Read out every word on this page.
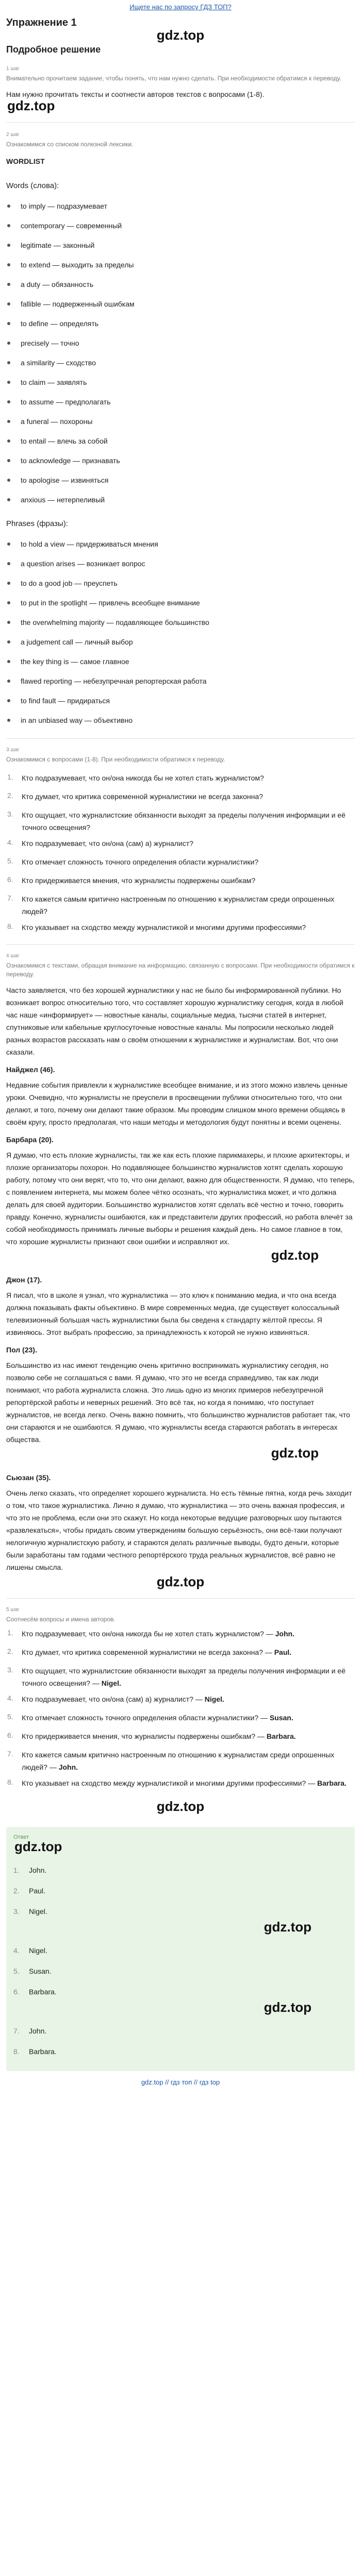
Ищете нас по запросу ГДЗ ТОП?
Упражнение 1
gdz.top
Подробное решение
1 шаг
Внимательно прочитаем задание, чтобы понять, что нам нужно сделать. При необходимости обратимся к переводу.
Нам нужно прочитать тексты и соотнести авторов текстов с вопросами (1-8).
gdz.top
2 шаг
Ознакомимся со списком полезной лексики.
WORDLIST
Words (слова):
to imply — подразумевает
contemporary — современный
legitimate — законный
to extend — выходить за пределы
a duty — обязанность
fallible — подверженный ошибкам
to define — определять
precisely — точно
a similarity — сходство
to claim — заявлять
to assume — предполагать
a funeral — похороны
to entail — влечь за собой
to acknowledge — признавать
to apologise — извиняться
anxious — нетерпеливый
Phrases (фразы):
to hold a view — придерживаться мнения
a question arises — возникает вопрос
to do a good job — преуспеть
to put in the spotlight — привлечь всеобщее внимание
the overwhelming majority — подавляющее большинство
a judgement call — личный выбор
the key thing is — самое главное
flawed reporting — небезупречная репортерская работа
to find fault — придираться
in an unbiased way — объективно
3 шаг
Ознакомимся с вопросами (1-8). При необходимости обратимся к переводу.
1.	Кто подразумевает, что он/она никогда бы не хотел стать журналистом?
2.	Кто думает, что критика современной журналистики не всегда законна?
3.	Кто ощущает, что журналистские обязанности выходят за пределы получения информации и её точного освещения?
4.	Кто подразумевает, что он/она (сам) а) журналист?
5.	Кто отмечает сложность точного определения области журналистики?
6.	Кто придерживается мнения, что журналисты подвержены ошибкам?
7.	Кто кажется самым критично настроенным по отношению к журналистам среди опрошенных людей?
8.	Кто указывает на сходство между журналистикой и многими другими профессиями?
4 шаг
Ознакомимся с текстами, обращая внимание на информацию, связанную с вопросами. При необходимости обратимся к переводу.

Часто заявляется, что без хорошей журналистики у нас не было бы информированной публики. Но возникает вопрос относительно того, что составляет хорошую журналистику сегодня, когда в любой час наше «информирует» — новостные каналы, социальные медиа, тысячи статей в интернет, спутниковые или кабельные круглосуточные новостные каналы. Мы попросили несколько людей разных возрастов рассказать нам о своём отношении к журналистике и журналистам. Вот, что они сказали.

Найджел (46).

Недавние события привлекли к журналистике всеобщее внимание, и из этого можно извлечь ценные уроки. Очевидно, что журналисты не преуспели в просвещении публики относительно того, что они делают, и того, почему они делают такие образом. Мы проводим слишком много времени общаясь в своём кругу, просто предполагая, что наши методы и методология будут понятны и всеми оценены.

Барбара (20).

Я думаю, что есть плохие журналисты, так же как есть плохие парикмахеры, и плохие архитекторы, и плохие организаторы похорон. Но подавляющее большинство журналистов хотят сделать хорошую работу, потому что они верят, что то, что они делают, важно для общественности. Я думаю, что теперь, с появлением интернета, мы можем более чётко осознать, что журналистика может, и что должна делать для своей аудитории. Большинство журналистов хотят сделать всё честно и точно, говорить правду. Конечно, журналисты ошибаются, как и представители других профессий, но работа влечёт за собой необходимость принимать личные выборы и решения каждый день. Но самое главное в том, что хорошие журналисты признают свои ошибки и исправляют их.

gdz.top

Джон (17).

Я писал, что в школе я узнал, что журналистика — это ключ к пониманию медиа, и что она всегда должна показывать факты объективно. В мире современных медиа, где существует колоссальный телевизионный большая часть журналистики была бы сведена к стандарту жёлтой прессы. Я извиняюсь. Этот выбрать профессию, за принадлежность к которой не нужно извиняться.

Пол (23).

Большинство из нас имеют тенденцию очень критично воспринимать журналистику сегодня, но позволю себе не соглашаться с вами. Я думаю, что это не всегда справедливо, так как люди понимают, что работа журналиста сложна. Это лишь одно из многих примеров небезупречной репортёрской работы и неверных решений. Это всё так, но когда я понимаю, что поступает журналистов, не всегда легко. Очень важно помнить, что большинство журналистов работает так, что они стараются и не ошибаются. Я думаю, что журналисты всегда стараются работать в интересах общества.

gdz.top

Сьюзан (35).

Очень легко сказать, что определяет хорошего журналиста. Но есть тёмные пятна, когда речь заходит о том, что такое журналистика. Лично я думаю, что журналистика — это очень важная профессия, и что это не проблема, если они это скажут. Но когда некоторые ведущие разговорных шоу пытаются «развлекаться», чтобы придать своим утверждениям большую серьёзность, они всё-таки получают нелогичную журналистскую работу, и стараются делать различные выводы, будто деньги, которые были заработаны там годами честного репортёрского труда реальных журналистов, всё равно не лишены смысла.

gdz.top
5 шаг
Соотнесём вопросы и имена авторов.
1.	Кто подразумевает, что он/она никогда бы не хотел стать журналистом? — John.
2.	Кто думает, что критика современной журналистики не всегда законна? — Paul.
3.	Кто ощущает, что журналистские обязанности выходят за пределы получения информации и её точного освещения? — Nigel.
4.	Кто подразумевает, что он/она (сам) а) журналист? — Nigel.
5.	Кто отмечает сложность точного определения области журналистики? — Susan.
6.	Кто придерживается мнения, что журналисты подвержены ошибкам? — Barbara.
7.	Кто кажется самым критично настроенным по отношению к журналистам среди опрошенных людей? — John.
8.	Кто указывает на сходство между журналистикой и многими другими профессиями? — Barbara.
gdz.top
Ответ
gdz.top
1.	John.
2.	Paul.
3.	Nigel.
gdz.top
4.	Nigel.
5.	Susan.
6.	Barbara.
gdz.top
7.	John.
8.	Barbara.
gdz.top // гдз топ // гдз top
